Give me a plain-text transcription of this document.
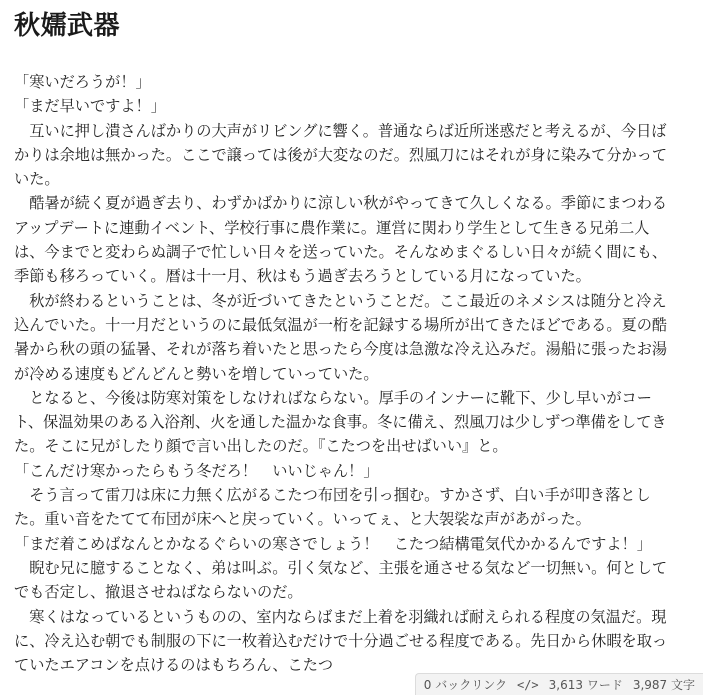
秋嬬武器

「寒いだろうが！」

「まだ早いですよ！」

　互いに押し潰さんばかりの大声がリビングに響く。普通ならば近所迷惑だと考えるが、今日ばかりは余地は無かった。ここで譲っては後が大変なのだ。烈風刀にはそれが身に染みて分かっていた。

　酷暑が続く夏が過ぎ去り、わずかばかりに涼しい秋がやってきて久しくなる。季節にまつわるアップデートに連動イベント、学校行事に農作業に。運営に関わり学生として生きる兄弟二人は、今までと変わらぬ調子で忙しい日々を送っていた。そんなめまぐるしい日々が続く間にも、季節も移ろっていく。暦は十一月、秋はもう過ぎ去ろうとしている月になっていた。

　秋が終わるということは、冬が近づいてきたということだ。ここ最近のネメシスは随分と冷え込んでいた。十一月だというのに最低気温が一桁を記録する場所が出てきたほどである。夏の酷暑から秋の頭の猛暑、それが落ち着いたと思ったら今度は急激な冷え込みだ。湯船に張ったお湯が冷める速度もどんどんと勢いを増していっていた。

　となると、今後は防寒対策をしなければならない。厚手のインナーに靴下、少し早いがコート、保温効果のある入浴剤、火を通した温かな食事。冬に備え、烈風刀は少しずつ準備をしてきた。そこに兄がしたり顔で言い出したのだ。『こたつを出せばいい』と。

「こんだけ寒かったらもう冬だろ！　いいじゃん！」

　そう言って雷刀は床に力無く広がるこたつ布団を引っ掴む。すかさず、白い手が叩き落とした。重い音をたてて布団が床へと戻っていく。いってぇ、と大袈裟な声があがった。

「まだ着こめばなんとかなるぐらいの寒さでしょう！　こたつ結構電気代かかるんですよ！」

　睨む兄に臆することなく、弟は叫ぶ。引く気など、主張を通させる気など一切無い。何としてでも否定し、撤退させねばならないのだ。

　寒くはなっているというものの、室内ならばまだ上着を羽織れば耐えられる程度の気温だ。現に、冷え込む朝でも制服の下に一枚着込むだけで十分過ごせる程度である。先日から休暇を取っていたエアコンを点けるのはもちろん、こたつ

0 バックリンク </> 3,613 ワード 3,987 文字
